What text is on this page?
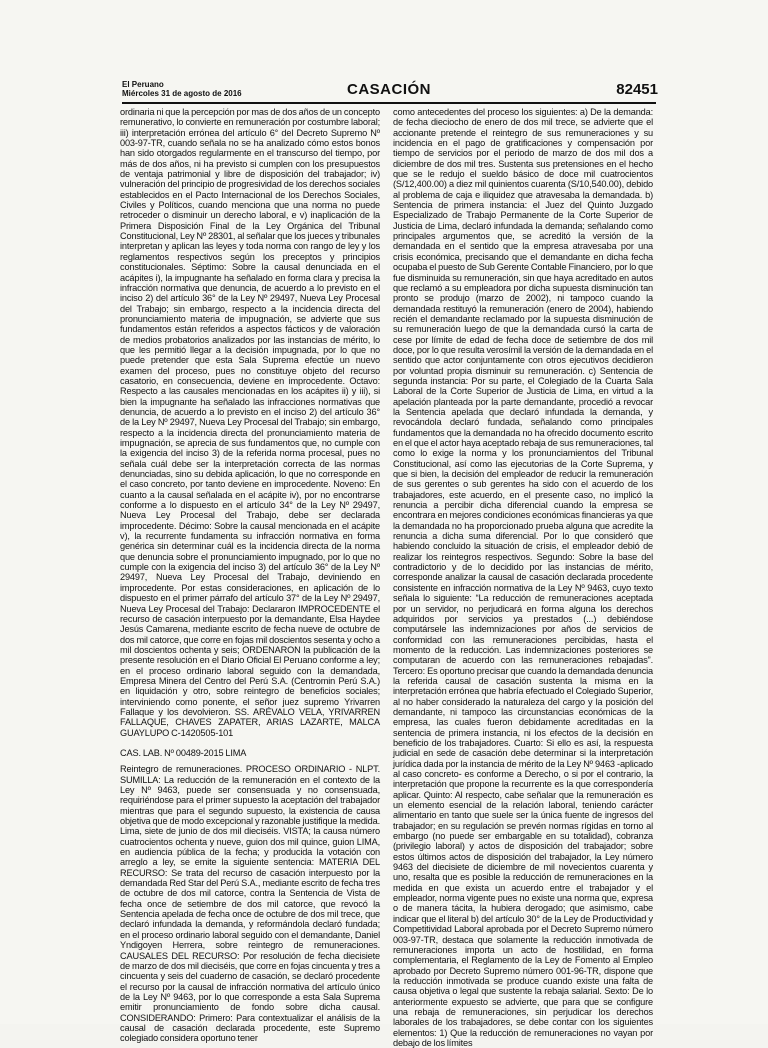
El Peruano
Miércoles 31 de agosto de 2016	CASACIÓN	82451

ordinaria ni que la percepción por mas de dos años de un concepto remunerativo, lo convierte en remuneración por costumbre laboral; iii) interpretación errónea del artículo 6° del Decreto Supremo Nº 003-97-TR, cuando señala no se ha analizado cómo estos bonos han sido otorgados regularmente en el transcurso del tiempo, por más de dos años, ni ha previsto si cumplen con los presupuestos de ventaja patrimonial y libre de disposición del trabajador; iv) vulneración del principio de progresividad de los derechos sociales establecidos en el Pacto Internacional de los Derechos Sociales, Civiles y Políticos, cuando menciona que una norma no puede retroceder o disminuir un derecho laboral, e v) inaplicación de la Primera Disposición Final de la Ley Orgánica del Tribunal Constitucional, Ley Nº 28301, al señalar que los jueces y tribunales interpretan y aplican las leyes y toda norma con rango de ley y los reglamentos respectivos según los preceptos y principios constitucionales. Séptimo: Sobre la causal denunciada en el acápites i), la impugnante ha señalado en forma clara y precisa la infracción normativa que denuncia, de acuerdo a lo previsto en el inciso 2) del artículo 36° de la Ley Nº 29497, Nueva Ley Procesal del Trabajo; sin embargo, respecto a la incidencia directa del pronunciamiento materia de impugnación, se advierte que sus fundamentos están referidos a aspectos fácticos y de valoración de medios probatorios analizados por las instancias de mérito, lo que les permitió llegar a la decisión impugnada, por lo que no puede pretender que esta Sala Suprema efectúe un nuevo examen del proceso, pues no constituye objeto del recurso casatorio, en consecuencia, deviene en improcedente. Octavo: Respecto a las causales mencionadas en los acápites ii) y iii), si bien la impugnante ha señalado las infracciones normativas que denuncia, de acuerdo a lo previsto en el inciso 2) del artículo 36° de la Ley Nº 29497, Nueva Ley Procesal del Trabajo; sin embargo, respecto a la incidencia directa del pronunciamiento materia de impugnación, se aprecia de sus fundamentos que, no cumple con la exigencia del inciso 3) de la referida norma procesal, pues no señala cuál debe ser la interpretación correcta de las normas denunciadas, sino su debida aplicación, lo que no corresponde en el caso concreto, por tanto deviene en improcedente. Noveno: En cuanto a la causal señalada en el acápite iv), por no encontrarse conforme a lo dispuesto en el artículo 34° de la Ley Nº 29497, Nueva Ley Procesal del Trabajo, debe ser declarada improcedente. Décimo: Sobre la causal mencionada en el acápite v), la recurrente fundamenta su infracción normativa en forma genérica sin determinar cuál es la incidencia directa de la norma que denuncia sobre el pronunciamiento impugnado, por lo que no cumple con la exigencia del inciso 3) del artículo 36° de la Ley Nº 29497, Nueva Ley Procesal del Trabajo, deviniendo en improcedente. Por estas consideraciones, en aplicación de lo dispuesto en el primer párrafo del artículo 37° de la Ley Nº 29497, Nueva Ley Procesal del Trabajo: Declararon IMPROCEDENTE el recurso de casación interpuesto por la demandante, Elsa Haydee Jesús Camarena, mediante escrito de fecha nueve de octubre de dos mil catorce, que corre en fojas mil doscientos sesenta y ocho a mil doscientos ochenta y seis; ORDENARON la publicación de la presente resolución en el Diario Oficial El Peruano conforme a ley; en el proceso ordinario laboral seguido con la demandada, Empresa Minera del Centro del Perú S.A. (Centromin Perú S.A.) en liquidación y otro, sobre reintegro de beneficios sociales; interviniendo como ponente, el señor juez supremo Yrivarren Fallaque y los devolvieron. SS. ARÉVALO VELA, YRIVARREN FALLAQUE, CHAVES ZAPATER, ARIAS LAZARTE, MALCA GUAYLUPO C-1420505-101

CAS. LAB. Nº 00489-2015 LIMA

Reintegro de remuneraciones. PROCESO ORDINARIO - NLPT. SUMILLA: La reducción de la remuneración en el contexto de la Ley Nº 9463, puede ser consensuada y no consensuada, requiriéndose para el primer supuesto la aceptación del trabajador mientras que para el segundo supuesto, la existencia de causa objetiva que de modo excepcional y razonable justifique la medida. Lima, siete de junio de dos mil dieciséis. VISTA; la causa número cuatrocientos ochenta y nueve, guion dos mil quince, guion LIMA, en audiencia pública de la fecha; y producida la votación con arreglo a ley, se emite la siguiente sentencia: MATERIA DEL RECURSO: Se trata del recurso de casación interpuesto por la demandada Red Star del Perú S.A., mediante escrito de fecha tres de octubre de dos mil catorce, contra la Sentencia de Vista de fecha once de setiembre de dos mil catorce, que revocó la Sentencia apelada de fecha once de octubre de dos mil trece, que declaró infundada la demanda, y reformándola declaró fundada; en el proceso ordinario laboral seguido con el demandante, Daniel Yndigoyen Herrera, sobre reintegro de remuneraciones. CAUSALES DEL RECURSO: Por resolución de fecha diecisiete de marzo de dos mil dieciséis, que corre en fojas cincuenta y tres a cincuenta y seis del cuaderno de casación, se declaró procedente el recurso por la causal de infracción normativa del artículo único de la Ley Nº 9463, por lo que corresponde a esta Sala Suprema emitir pronunciamiento de fondo sobre dicha causal. CONSIDERANDO: Primero: Para contextualizar el análisis de la causal de casación declarada procedente, este Supremo colegiado considera oportuno tener

como antecedentes del proceso los siguientes: a) De la demanda: de fecha dieciocho de enero de dos mil trece, se advierte que el accionante pretende el reintegro de sus remuneraciones y su incidencia en el pago de gratificaciones y compensación por tiempo de servicios por el periodo de marzo de dos mil dos a diciembre de dos mil tres. Sustenta sus pretensiones en el hecho que se le redujo el sueldo básico de doce mil cuatrocientos (S/12,400.00) a diez mil quinientos cuarenta (S/10,540.00), debido al problema de caja e iliquidez que atravesaba la demandada. b) Sentencia de primera instancia: el Juez del Quinto Juzgado Especializado de Trabajo Permanente de la Corte Superior de Justicia de Lima, declaró infundada la demanda; señalando como principales argumentos que, se acreditó la versión de la demandada en el sentido que la empresa atravesaba por una crisis económica, precisando que el demandante en dicha fecha ocupaba el puesto de Sub Gerente Contable Financiero, por lo que fue disminuida su remuneración, sin que haya acreditado en autos que reclamó a su empleadora por dicha supuesta disminución tan pronto se produjo (marzo de 2002), ni tampoco cuando la demandada restituyó la remuneración (enero de 2004), habiendo recién el demandante reclamado por la supuesta disminución de su remuneración luego de que la demandada cursó la carta de cese por límite de edad de fecha doce de setiembre de dos mil doce, por lo que resulta verosímil la versión de la demandada en el sentido que actor conjuntamente con otros ejecutivos decidieron por voluntad propia disminuir su remuneración. c) Sentencia de segunda instancia: Por su parte, el Colegiado de la Cuarta Sala Laboral de la Corte Superior de Justicia de Lima, en virtud a la apelación planteada por la parte demandante, procedió a revocar la Sentencia apelada que declaró infundada la demanda, y revocándola declaró fundada, señalando como principales fundamentos que la demandada no ha ofrecido documento escrito en el que el actor haya aceptado rebaja de sus remuneraciones, tal como lo exige la norma y los pronunciamientos del Tribunal Constitucional, así como las ejecutorias de la Corte Suprema, y que si bien, la decisión del empleador de reducir la remuneración de sus gerentes o sub gerentes ha sido con el acuerdo de los trabajadores, este acuerdo, en el presente caso, no implicó la renuncia a percibir dicha diferencial cuando la empresa se encontrara en mejores condiciones económicas financieras ya que la demandada no ha proporcionado prueba alguna que acredite la renuncia a dicha suma diferencial. Por lo que consideró que habiendo concluido la situación de crisis, el empleador debió de realizar los reintegros respectivos. Segundo: Sobre la base del contradictorio y de lo decidido por las instancias de mérito, corresponde analizar la causal de casación declarada procedente consistente en infracción normativa de la Ley Nº 9463, cuyo texto señala lo siguiente: “La reducción de remuneraciones aceptada por un servidor, no perjudicará en forma alguna los derechos adquiridos por servicios ya prestados (...) debiéndose computársele las indemnizaciones por años de servicios de conformidad con las remuneraciones percibidas, hasta el momento de la reducción. Las indemnizaciones posteriores se computaran de acuerdo con las remuneraciones rebajadas”. Tercero: Es oportuno precisar que cuando la demandada denuncia la referida causal de casación sustenta la misma en la interpretación errónea que habría efectuado el Colegiado Superior, al no haber considerado la naturaleza del cargo y la posición del demandante, ni tampoco las circunstancias económicas de la empresa, las cuales fueron debidamente acreditadas en la sentencia de primera instancia, ni los efectos de la decisión en beneficio de los trabajadores. Cuarto: Si ello es así, la respuesta judicial en sede de casación debe determinar si la interpretación jurídica dada por la instancia de mérito de la Ley Nº 9463 -aplicado al caso concreto- es conforme a Derecho, o si por el contrario, la interpretación que propone la recurrente es la que correspondería aplicar. Quinto: Al respecto, cabe señalar que la remuneración es un elemento esencial de la relación laboral, teniendo carácter alimentario en tanto que suele ser la única fuente de ingresos del trabajador; en su regulación se prevén normas rígidas en torno al embargo (no puede ser embargable en su totalidad), cobranza (privilegio laboral) y actos de disposición del trabajador; sobre estos últimos actos de disposición del trabajador, la Ley número 9463 del diecisiete de diciembre de mil novecientos cuarenta y uno, resalta que es posible la reducción de remuneraciones en la medida en que exista un acuerdo entre el trabajador y el empleador, norma vigente pues no existe una norma que, expresa o de manera tácita, la hubiera derogado; que asimismo, cabe indicar que el literal b) del artículo 30° de la Ley de Productividad y Competitividad Laboral aprobada por el Decreto Supremo número 003-97-TR, destaca que solamente la reducción inmotivada de remuneraciones importa un acto de hostilidad, en forma complementaria, el Reglamento de la Ley de Fomento al Empleo aprobado por Decreto Supremo número 001-96-TR, dispone que la reducción inmotivada se produce cuando existe una falta de causa objetiva o legal que sustente la rebaja salarial. Sexto: De lo anteriormente expuesto se advierte, que para que se configure una rebaja de remuneraciones, sin perjudicar los derechos laborales de los trabajadores, se debe contar con los siguientes elementos: 1) Que la reducción de remuneraciones no vayan por debajo de los límites
